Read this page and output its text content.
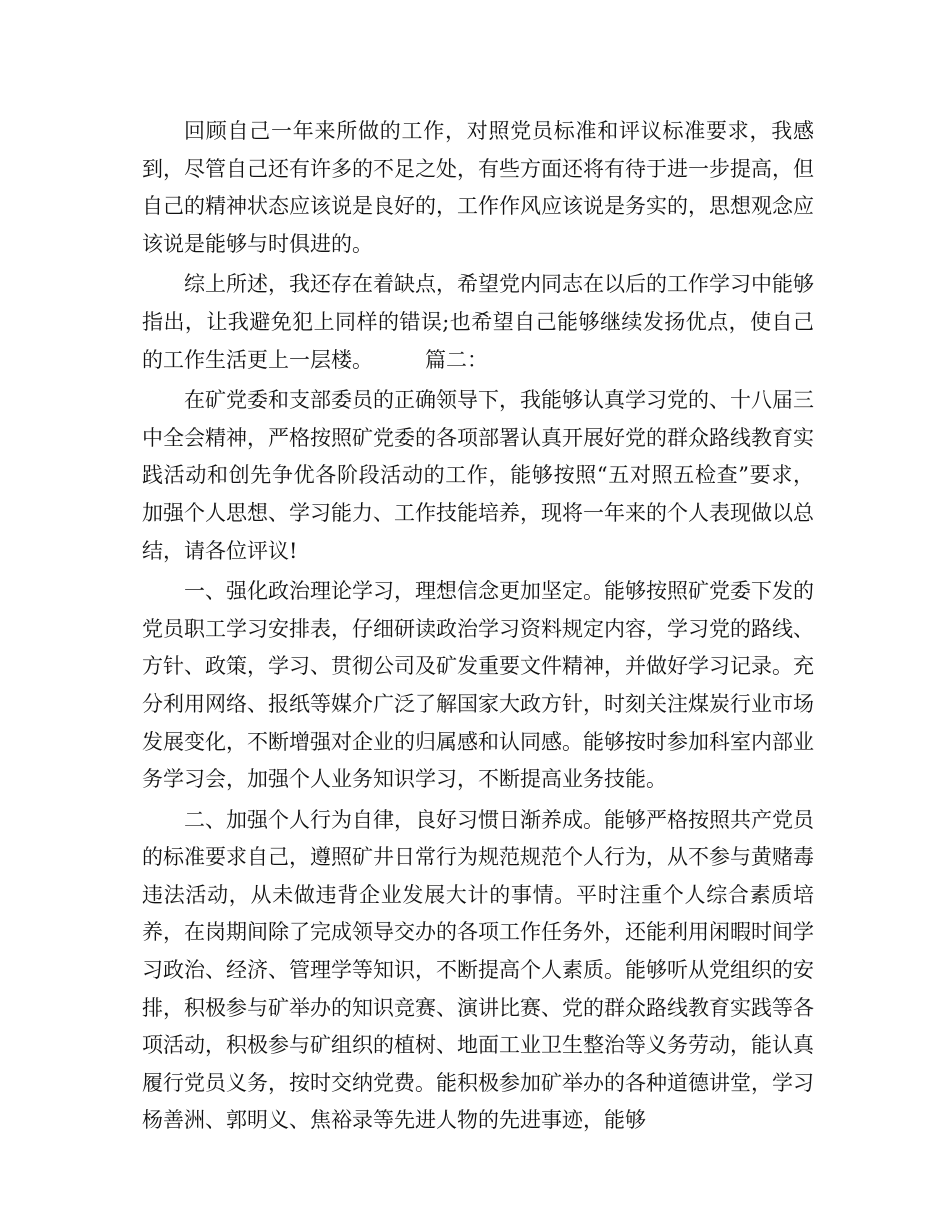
回顾自己一年来所做的工作，对照党员标准和评议标准要求，我感到，尽管自己还有许多的不足之处，有些方面还将有待于进一步提高，但自己的精神状态应该说是良好的，工作作风应该说是务实的，思想观念应该说是能够与时俱进的。

综上所述，我还存在着缺点，希望党内同志在以后的工作学习中能够指出，让我避免犯上同样的错误;也希望自己能够继续发扬优点，使自己的工作生活更上一层楼。 篇二：

在矿党委和支部委员的正确领导下，我能够认真学习党的、十八届三中全会精神，严格按照矿党委的各项部署认真开展好党的群众路线教育实践活动和创先争优各阶段活动的工作，能够按照“五对照五检查”要求，加强个人思想、学习能力、工作技能培养，现将一年来的个人表现做以总结，请各位评议!

一、强化政治理论学习，理想信念更加坚定。能够按照矿党委下发的党员职工学习安排表，仔细研读政治学习资料规定内容，学习党的路线、方针、政策，学习、贯彻公司及矿发重要文件精神，并做好学习记录。充分利用网络、报纸等媒介广泛了解国家大政方针，时刻关注煤炭行业市场发展变化，不断增强对企业的归属感和认同感。能够按时参加科室内部业务学习会，加强个人业务知识学习，不断提高业务技能。

二、加强个人行为自律，良好习惯日渐养成。能够严格按照共产党员的标准要求自己，遵照矿井日常行为规范规范个人行为，从不参与黄赌毒违法活动，从未做违背企业发展大计的事情。平时注重个人综合素质培养，在岗期间除了完成领导交办的各项工作任务外，还能利用闲暇时间学习政治、经济、管理学等知识，不断提高个人素质。能够听从党组织的安排，积极参与矿举办的知识竞赛、演讲比赛、党的群众路线教育实践等各项活动，积极参与矿组织的植树、地面工业卫生整治等义务劳动，能认真履行党员义务，按时交纳党费。能积极参加矿举办的各种道德讲堂，学习杨善洲、郭明义、焦裕录等先进人物的先进事迹，能够
